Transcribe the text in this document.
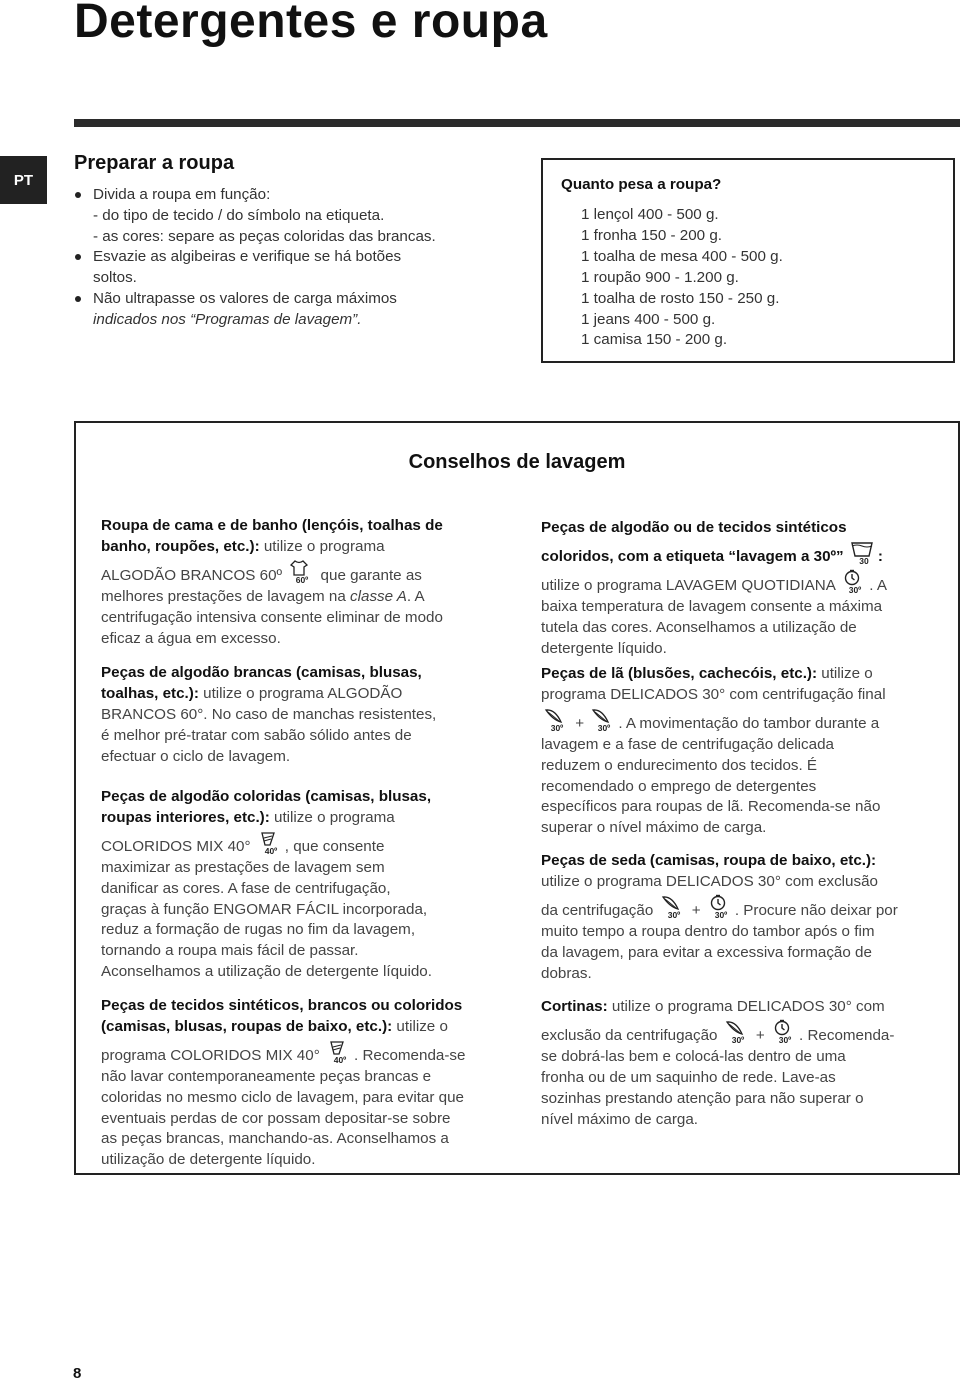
Detergentes e roupa
PT
Preparar a roupa
Divida a roupa em função:
- do tipo de tecido / do símbolo na etiqueta.
- as cores: separe as peças coloridas das brancas.
Esvazie as algibeiras e verifique se há botões
soltos.
Não ultrapasse os valores de carga máximos
indicados nos “Programas de lavagem”.
Quanto pesa a roupa?
1 lençol 400 - 500 g.
1 fronha 150 - 200 g.
1 toalha de mesa 400 - 500 g.
1 roupão 900 - 1.200 g.
1 toalha de rosto 150 - 250 g.
1 jeans 400 - 500 g.
1 camisa 150 - 200 g.
Conselhos de lavagem
Roupa de cama e de banho (lençóis, toalhas de
banho, roupões, etc.): utilize o programa
ALGODÃO BRANCOS 60º 60º que garante as
melhores prestações de lavagem na classe A. A
centrifugação intensiva consente eliminar de modo
eficaz a água em excesso.
Peças de algodão brancas (camisas, blusas,
toalhas, etc.): utilize o programa ALGODÃO
BRANCOS 60°. No caso de manchas resistentes,
é melhor pré-tratar com sabão sólido antes de
efectuar o ciclo de lavagem.
Peças de algodão coloridas (camisas, blusas,
roupas interiores, etc.): utilize o programa
COLORIDOS MIX 40° 40º , que consente
maximizar as prestações de lavagem sem
danificar as cores. A fase de centrifugação,
graças à função ENGOMAR FÁCIL incorporada,
reduz a formação de rugas no fim da lavagem,
tornando a roupa mais fácil de passar.
Aconselhamos a utilização de detergente líquido.
Peças de tecidos sintéticos, brancos ou coloridos
(camisas, blusas, roupas de baixo, etc.): utilize o
programa COLORIDOS MIX 40° 40º . Recomenda-se
não lavar contemporaneamente peças brancas e
coloridas no mesmo ciclo de lavagem, para evitar que
eventuais perdas de cor possam depositar-se sobre
as peças brancas, manchando-as. Aconselhamos a
utilização de detergente líquido.
Peças de algodão ou de tecidos sintéticos
coloridos, com a etiqueta “lavagem a 30º” 30 :
utilize o programa LAVAGEM QUOTIDIANA 30º . A
baixa temperatura de lavagem consente a máxima
tutela das cores. Aconselhamos a utilização de
detergente líquido.
Peças de lã (blusões, cachecóis, etc.): utilize o
programa DELICADOS 30° com centrifugação final
30º + 30º . A movimentação do tambor durante a
lavagem e a fase de centrifugação delicada
reduzem o endurecimento dos tecidos. É
recomendado o emprego de detergentes
específicos para roupas de lã. Recomenda-se não
superar o nível máximo de carga.
Peças de seda (camisas, roupa de baixo, etc.):
utilize o programa DELICADOS 30° com exclusão
da centrifugação 30º + 30º . Procure não deixar por
muito tempo a roupa dentro do tambor após o fim
da lavagem, para evitar a excessiva formação de
dobras.
Cortinas: utilize o programa DELICADOS 30° com
exclusão da centrifugação 30º + 30º . Recomenda-
se dobrá-las bem e colocá-las dentro de uma
fronha ou de um saquinho de rede. Lave-as
sozinhas prestando atenção para não superar o
nível máximo de carga.
8
